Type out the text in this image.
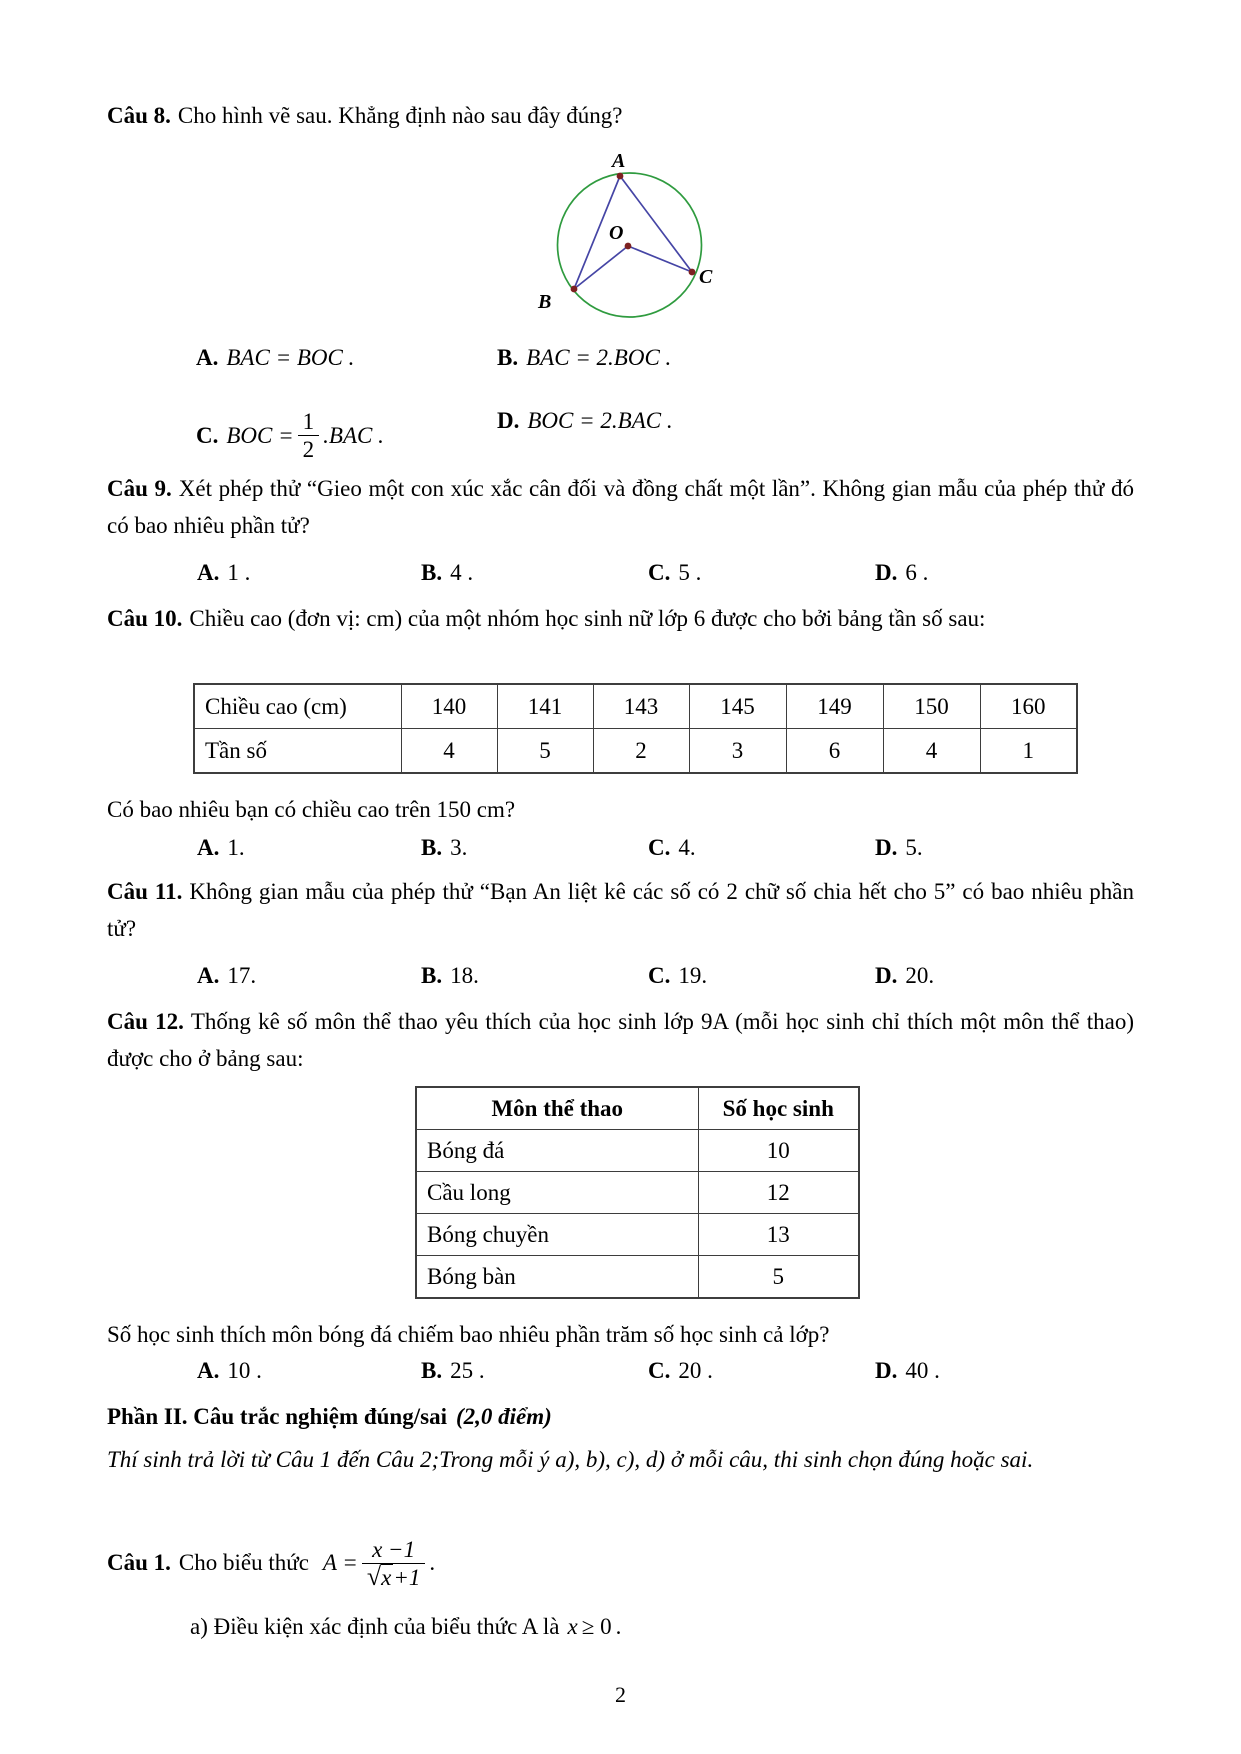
Câu 8. Cho hình vẽ sau. Khẳng định nào sau đây đúng?

A
O
B
C
A. BAC = BOC .	B. BAC = 2.BOC .
C. BOC = $\frac{1}{2} .BAC$ .
D. BOC = 2.BAC .

Câu 9. Xét phép thử “Gieo một con xúc xắc cân đối và đồng chất một lần”. Không gian mẫu của phép thử đó có bao nhiêu phần tử?

A. 1 .	B. 4 .	C. 5 .	D. 6 .

Câu 10. Chiều cao (đơn vị: cm) của một nhóm học sinh nữ lớp 6 được cho bởi bảng tần số sau:

Chiều cao (cm)	140	141	143	145	149	150	160
Tần số	4	5	2	3	6	4	1

Có bao nhiêu bạn có chiều cao trên 150 cm?

A. 1.	B. 3.	C. 4.	D. 5.

Câu 11. Không gian mẫu của phép thử “Bạn An liệt kê các số có 2 chữ số chia hết cho 5” có bao nhiêu phần tử?

A. 17.	B. 18.	C. 19.	D. 20.

Câu 12. Thống kê số môn thể thao yêu thích của học sinh lớp 9A (mỗi học sinh chỉ thích một môn thể thao) được cho ở bảng sau:

Môn thể thao	Số học sinh
Bóng đá	10
Cầu long	12
Bóng chuyền	13
Bóng bàn	5

Số học sinh thích môn bóng đá chiếm bao nhiêu phần trăm số học sinh cả lớp?

A. 10 .	B. 25 .	C. 20 .	D. 40 .

Phần II. Câu trắc nghiệm đúng/sai (2,0 điểm)

Thí sinh trả lời từ Câu 1 đến Câu 2;Trong mỗi ý a), b), c), d) ở mỗi câu, thi sinh chọn đúng hoặc sai.

Câu 1. Cho biểu thức $A = \frac{x -1}{√x+1}$ .

a) Điều kiện xác định của biểu thức A là x ≥ 0 .

2
